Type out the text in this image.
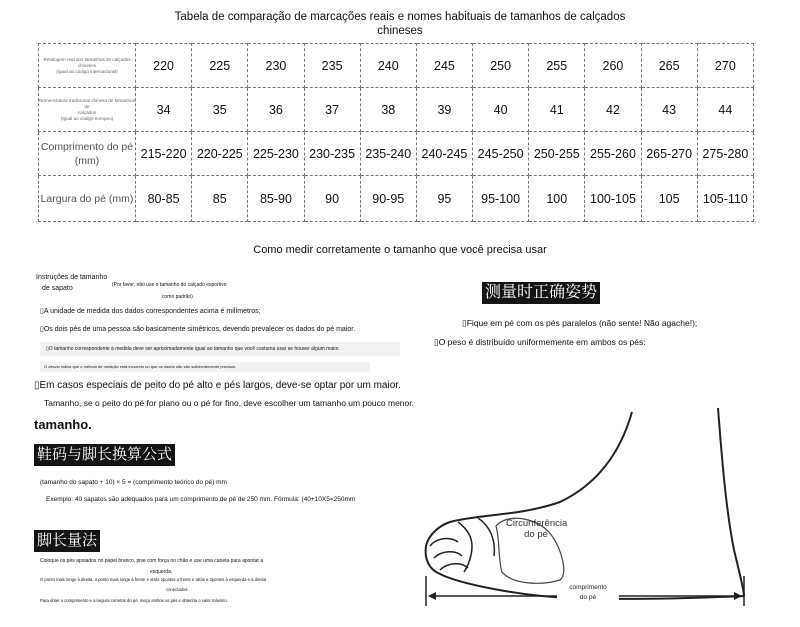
Tabela de comparação de marcações reais e nomes habituais de tamanhos de calçados
chineses
Retalogem real dos tamanhos de calçados
chineses
(Igual ao código internacional)	220	225	230	235	240	245	250	255	260	265	270

Nomenclatura tradicional chinesa de tamanhos de
calçados
(Igual ao código europeu)	34	35	36	37	38	39	40	41	42	43	44

Comprimento do pé
(mm)	215-220	220-225	225-230	230-235	235-240	240-245	245-250	250-255	255-260	265-270	275-280

Largura do pé (mm)	80-85	85	85-90	90	90-95	95	95-100	100	100-105	105	105-110
Como medir corretamente o tamanho que você precisa usar
Instruções de tamanho
de sapato	(Por favor, não use o tamanho do calçado esportivo
como padrão)
▯A unidade de medida dos dados correspondentes acima é milímetros;
▯Os dois pés de uma pessoa são basicamente simétricos, devendo prevalecer os dados do pé maior.
▯O tamanho correspondente à medida deve ser aproximadamente igual ao tamanho que você costuma usar se houver algum maior.
O desvio indica que o método de medição está incorreto ou que os dados não são suficientemente precisos.
▯Em casos especiais de peito do pé alto e pés largos, deve-se optar por um maior.
Tamanho, se o peito do pé for plano ou o pé for fino, deve escolher um tamanho um pouco menor.
tamanho.
鞋码与脚长换算公式
(tamanho do sapato + 10) × 5 = (comprimento teórico do pé) mm
Exemplo: 40 sapatos são adequados para um comprimento de pé de 250 mm. Fórmula: (40+10X5=250mm
脚长量法
Coloque os pés apoiados no papel branco, pise com força no chão e use uma caneta para apontar a
esquerda.
O ponto mais longe à direita, o ponto mais longe à frente e atrás 2pontos a frente e atrás e 3pontos à esquerda e à direita
conectados
Para obter o comprimento e a largura corretos do pé, meça ambos os pés e obtenha o valor máximo.
测量时正确姿势
▯Fique em pé com os pés paralelos (não sente! Não agache!);
▯O peso é distribuído uniformemente em ambos os pés:
Circunferência
do pé
comprimento
do pé
